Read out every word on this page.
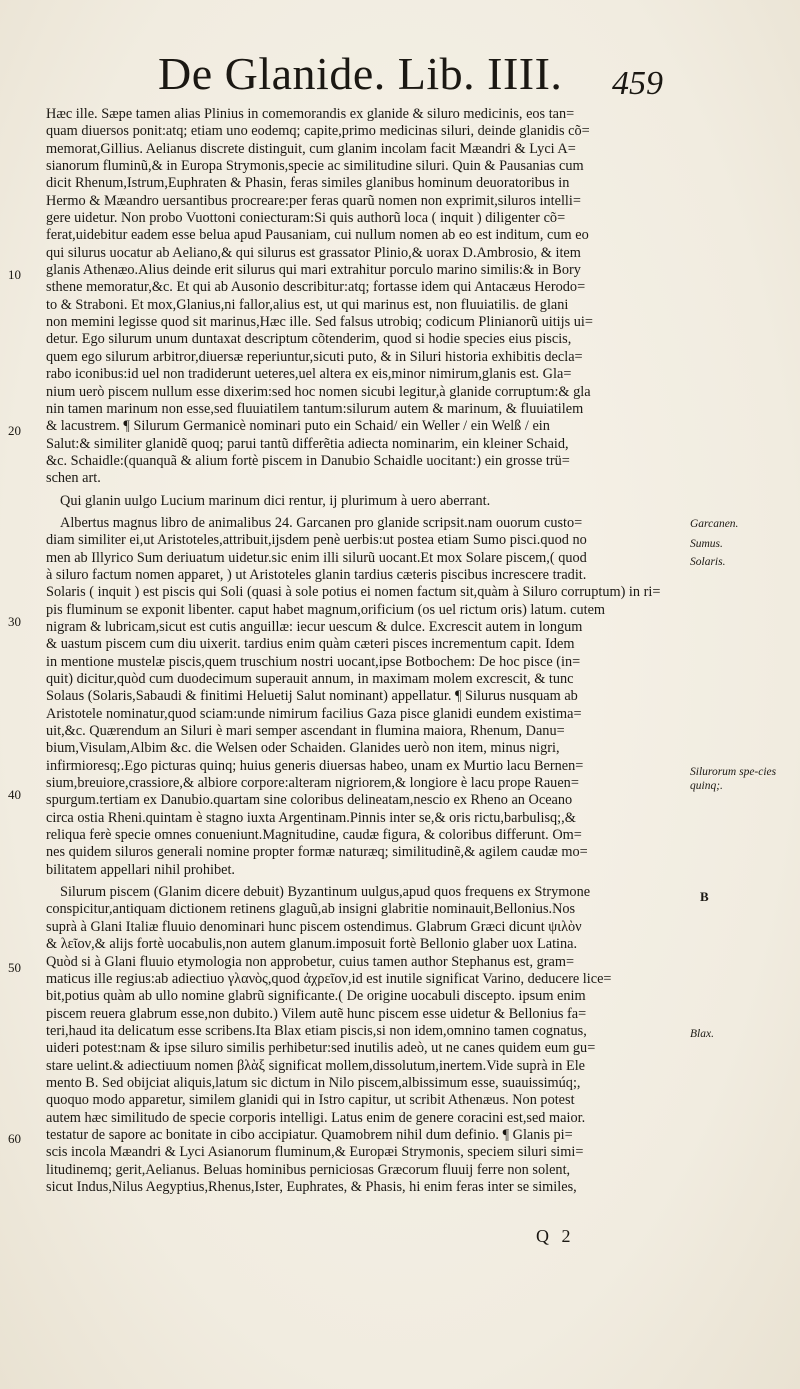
De Glanide. Lib. IIII. 459
Hæc ille. Sæpe tamen alias Plinius in comemorandis ex glanide & siluro medicinis, eos tan=
quam diuersos ponit:atq; etiam uno eodemq; capite,primo medicinas siluri, deinde glanidis cõ=
memorat,Gillius. Aelianus discrete distinguit, cum glanim incolam facit Mæandri & Lyci A=
sianorum fluminũ,& in Europa Strymonis,specie ac similitudine siluri. Quin & Pausanias cum
dicit Rhenum,Istrum,Euphraten & Phasin, feras similes glanibus hominum deuoratoribus in
Hermo & Mæandro uersantibus procreare:per feras quarũ nomen non exprimit,siluros intelli=
gere uidetur. Non probo Vuottoni coniecturam:Si quis authorũ loca ( inquit ) diligenter cõ=
ferat,uidebitur eadem esse belua apud Pausaniam, cui nullum nomen ab eo est inditum, cum eo
qui silurus uocatur ab Aeliano,& qui silurus est grassator Plinio,& uorax D.Ambrosio, & item
glanis Athenæo.Alius deinde erit silurus qui mari extrahitur porculo marino similis:& in Bory
sthene memoratur,&c. Et qui ab Ausonio describitur:atq; fortasse idem qui Antacæus Herodo=
to & Straboni. Et mox,Glanius,ni fallor,alius est, ut qui marinus est, non fluuiatilis. de glani
non memini legisse quod sit marinus,Hæc ille. Sed falsus utrobiq; codicum Plinianorũ uitijs ui=
detur. Ego silurum unum duntaxat descriptum cõtenderim, quod si hodie species eius piscis,
quem ego silurum arbitror,diuersæ reperiuntur,sicuti puto, & in Siluri historia exhibitis decla=
rabo iconibus:id uel non tradiderunt ueteres,uel altera ex eis,minor nimirum,glanis est. Gla=
nium uerò piscem nullum esse dixerim:sed hoc nomen sicubi legitur,à glanide corruptum:& gla
nin tamen marinum non esse,sed fluuiatilem tantum:silurum autem & marinum, & fluuiatilem
& lacustrem. ¶ Silurum Germanicè nominari puto ein Schaid/ ein Weller / ein Welß / ein
Salut:& similiter glanidẽ quoq; parui tantũ differẽtia adiecta nominarim, ein kleiner Schaid,
&c. Schaidle:(quanquã & alium fortè piscem in Danubio Schaidle uocitant:) ein grosse trü=
schen art.
Qui glanin uulgo Lucium marinum dici rentur, ij plurimum à uero aberrant.
Albertus magnus libro de animalibus 24. Garcanen pro glanide scripsit.nam ouorum custo=
diam similiter ei,ut Aristoteles,attribuit,ijsdem penè uerbis:ut postea etiam Sumo pisci.quod no
men ab Illyrico Sum deriuatum uidetur.sic enim illi silurũ uocant.Et mox Solare piscem,( quod
à siluro factum nomen apparet, ) ut Aristoteles glanin tardius cæteris piscibus increscere tradit.
Solaris ( inquit ) est piscis qui Soli (quasi à sole potius ei nomen factum sit,quàm à Siluro corruptum) in ri=
pis fluminum se exponit libenter. caput habet magnum,orificium (os uel rictum oris) latum. cutem
nigram & lubricam,sicut est cutis anguillæ: iecur uescum & dulce. Excrescit autem in longum
& uastum piscem cum diu uixerit. tardius enim quàm cæteri pisces incrementum capit. Idem
in mentione mustelæ piscis,quem truschium nostri uocant,ipse Botbochem: De hoc pisce (in=
quit) dicitur,quòd cum duodecimum superauit annum, in maximam molem excrescit, & tunc
Solaus (Solaris,Sabaudi & finitimi Heluetij Salut nominant) appellatur. ¶ Silurus nusquam ab
Aristotele nominatur,quod sciam:unde nimirum facilius Gaza pisce glanidi eundem existima=
uit,&c. Quærendum an Siluri è mari semper ascendant in flumina maiora, Rhenum, Danu=
bium,Visulam,Albim &c. die Welsen oder Schaiden. Glanides uerò non item, minus nigri,
infirmioresq;.Ego picturas quinq; huius generis diuersas habeo, unam ex Murtio lacu Bernen=
sium,breuiore,crassiore,& albiore corpore:alteram nigriorem,& longiore è lacu prope Rauen=
spurgum.tertiam ex Danubio.quartam sine coloribus delineatam,nescio ex Rheno an Oceano
circa ostia Rheni.quintam è stagno iuxta Argentinam.Pinnis inter se,& oris rictu,barbulisq;,&
reliqua ferè specie omnes conueniunt.Magnitudine, caudæ figura, & coloribus differunt. Om=
nes quidem siluros generali nomine propter formæ naturæq; similitudinẽ,& agilem caudæ mo=
bilitatem appellari nihil prohibet.
Silurum piscem (Glanim dicere debuit) Byzantinum uulgus,apud quos frequens ex Strymone
conspicitur,antiquam dictionem retinens glaguũ,ab insigni glabritie nominauit,Bellonius.Nos
suprà à Glani Italiæ fluuio denominari hunc piscem ostendimus. Glabrum Græci dicunt ψιλὸν
& λεῖον,& alijs fortè uocabulis,non autem glanum.imposuit fortè Bellonio glaber uox Latina.
Quòd si à Glani fluuio etymologia non approbetur, cuius tamen author Stephanus est, gram=
maticus ille regius:ab adiectiuo γλανὸς,quod ἀχρεῖον,id est inutile significat Varino, deducere lice=
bit,potius quàm ab ullo nomine glabrũ significante.( De origine uocabuli discepto. ipsum enim
piscem reuera glabrum esse,non dubito.) Vilem autẽ hunc piscem esse uidetur & Bellonius fa=
teri,haud ita delicatum esse scribens.Ita Blax etiam piscis,si non idem,omnino tamen cognatus,
uideri potest:nam & ipse siluro similis perhibetur:sed inutilis adeò, ut ne canes quidem eum gu=
stare uelint.& adiectiuum nomen βλὰξ significat mollem,dissolutum,inertem.Vide suprà in Ele
mento B. Sed obijciat aliquis,latum sic dictum in Nilo piscem,albissimum esse, suauissimúq;,
quoquo modo apparetur, similem glanidi qui in Istro capitur, ut scribit Athenæus. Non potest
autem hæc similitudo de specie corporis intelligi. Latus enim de genere coracini est,sed maior.
testatur de sapore ac bonitate in cibo accipiatur. Quamobrem nihil dum definio. ¶ Glanis pi=
scis incola Mæandri & Lyci Asianorum fluminum,& Europæi Strymonis, speciem siluri simi=
litudinemq; gerit,Aelianus. Beluas hominibus perniciosas Græcorum fluuij ferre non solent,
sicut Indus,Nilus Aegyptius,Rhenus,Ister, Euphrates, & Phasis, hi enim feras inter se similes,
10
20
30
40
50
60
Garcanen.
Sumus.
Solaris.
Silurorum spe-cies quinq;.
B
Blax.
Q 2
